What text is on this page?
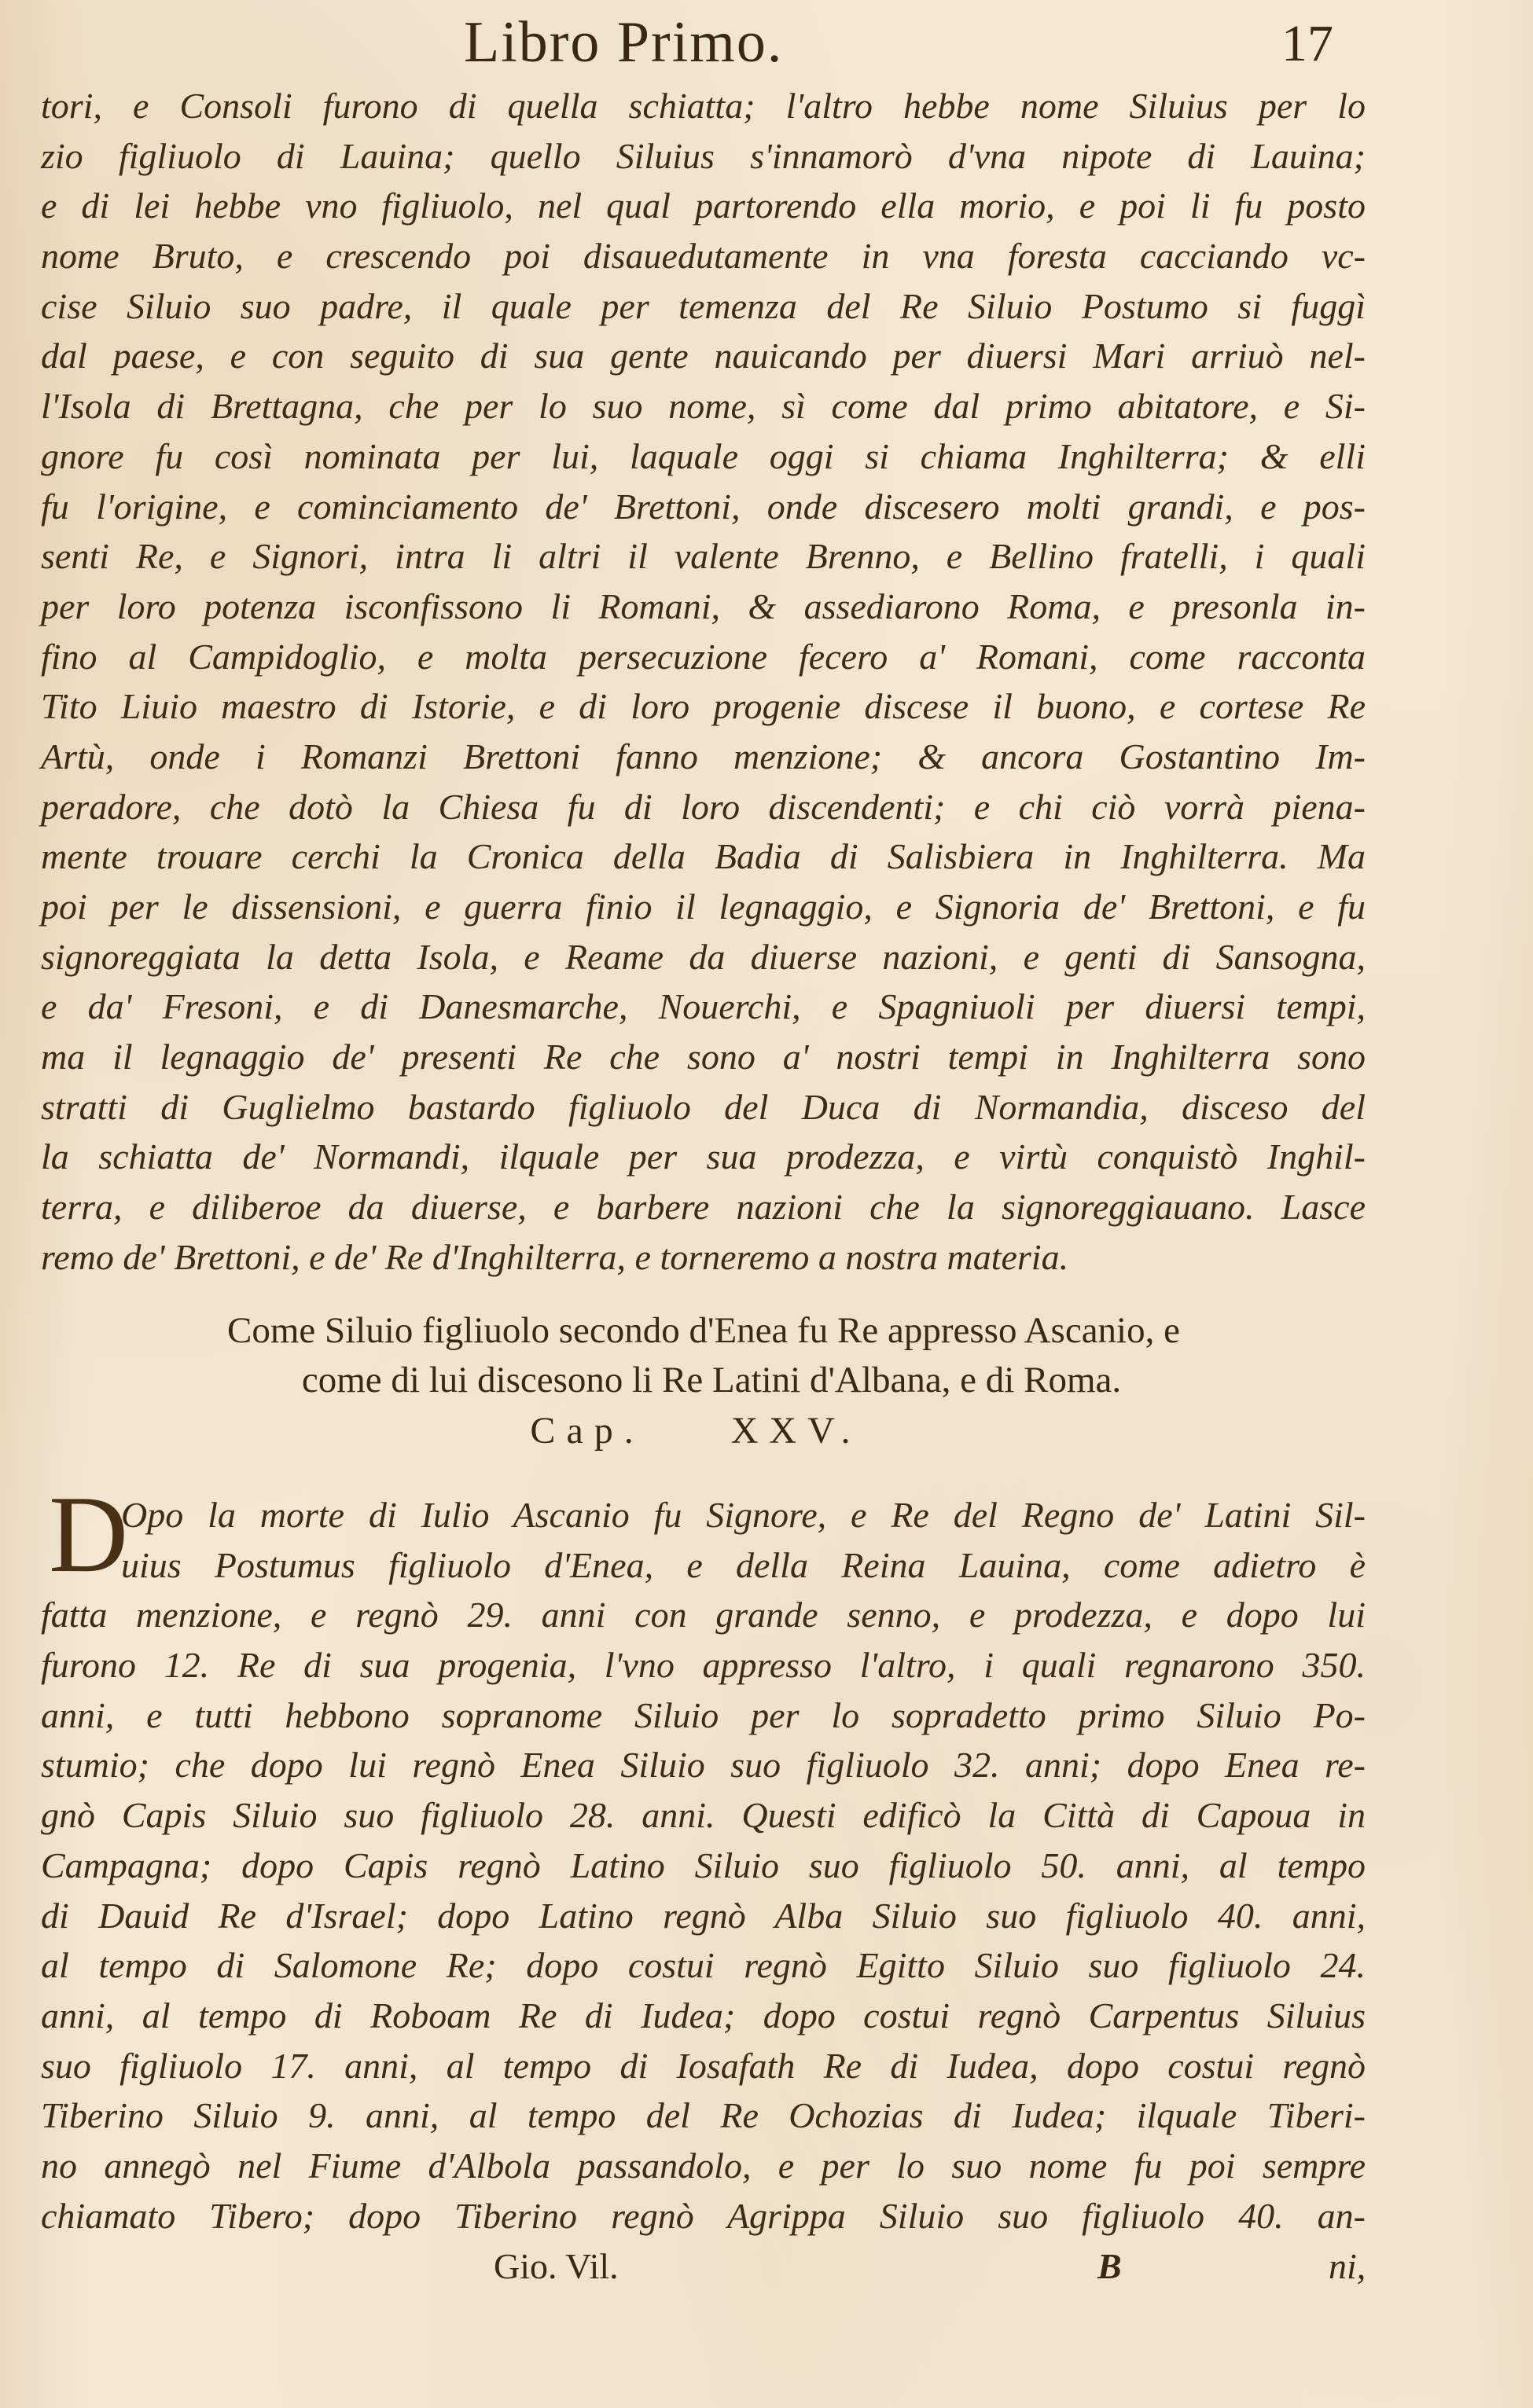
Libro Primo.	17
tori, e Consoli furono di quella schiatta; l'altro hebbe nome Siluius per lo
zio figliuolo di Lauina; quello Siluius s'innamorò d'vna nipote di Lauina;
e di lei hebbe vno figliuolo, nel qual partorendo ella morio, e poi li fu posto
nome Bruto, e crescendo poi disauedutamente in vna foresta cacciando vc-
cise Siluio suo padre, il quale per temenza del Re Siluio Postumo si fuggì
dal paese, e con seguito di sua gente nauicando per diuersi Mari arriuò nel-
l'Isola di Brettagna, che per lo suo nome, sì come dal primo abitatore, e Si-
gnore fu così nominata per lui, laquale oggi si chiama Inghilterra; & elli
fu l'origine, e cominciamento de' Brettoni, onde discesero molti grandi, e pos-
senti Re, e Signori, intra li altri il valente Brenno, e Bellino fratelli, i quali
per loro potenza isconfissono li Romani, & assediarono Roma, e presonla in-
fino al Campidoglio, e molta persecuzione fecero a' Romani, come racconta
Tito Liuio maestro di Istorie, e di loro progenie discese il buono, e cortese Re
Artù, onde i Romanzi Brettoni fanno menzione; & ancora Gostantino Im-
peradore, che dotò la Chiesa fu di loro discendenti; e chi ciò vorrà piena-
mente trouare cerchi la Cronica della Badia di Salisbiera in Inghilterra. Ma
poi per le dissensioni, e guerra finio il legnaggio, e Signoria de' Brettoni, e fu
signoreggiata la detta Isola, e Reame da diuerse nazioni, e genti di Sansogna,
e da' Fresoni, e di Danesmarche, Nouerchi, e Spagniuoli per diuersi tempi,
ma il legnaggio de' presenti Re che sono a' nostri tempi in Inghilterra sono
stratti di Guglielmo bastardo figliuolo del Duca di Normandia, disceso del
la schiatta de' Normandi, ilquale per sua prodezza, e virtù conquistò Inghil-
terra, e diliberoe da diuerse, e barbere nazioni che la signoreggiauano. Lasce
remo de' Brettoni, e de' Re d'Inghilterra, e torneremo a nostra materia.
Come Siluio figliuolo secondo d'Enea fu Re appresso Ascanio, e
come di lui discesono li Re Latini d'Albana, e di Roma.
Cap. XXV.
D
Opo la morte di Iulio Ascanio fu Signore, e Re del Regno de' Latini Sil-
uius Postumus figliuolo d'Enea, e della Reina Lauina, come adietro è
fatta menzione, e regnò 29. anni con grande senno, e prodezza, e dopo lui
furono 12. Re di sua progenia, l'vno appresso l'altro, i quali regnarono 350.
anni, e tutti hebbono sopranome Siluio per lo sopradetto primo Siluio Po-
stumio; che dopo lui regnò Enea Siluio suo figliuolo 32. anni; dopo Enea re-
gnò Capis Siluio suo figliuolo 28. anni. Questi edificò la Città di Capoua in
Campagna; dopo Capis regnò Latino Siluio suo figliuolo 50. anni, al tempo
di Dauid Re d'Israel; dopo Latino regnò Alba Siluio suo figliuolo 40. anni,
al tempo di Salomone Re; dopo costui regnò Egitto Siluio suo figliuolo 24.
anni, al tempo di Roboam Re di Iudea; dopo costui regnò Carpentus Siluius
suo figliuolo 17. anni, al tempo di Iosafath Re di Iudea, dopo costui regnò
Tiberino Siluio 9. anni, al tempo del Re Ochozias di Iudea; ilquale Tiberi-
no annegò nel Fiume d'Albola passandolo, e per lo suo nome fu poi sempre
chiamato Tibero; dopo Tiberino regnò Agrippa Siluio suo figliuolo 40. an-
Gio. Vil.	B	ni,
